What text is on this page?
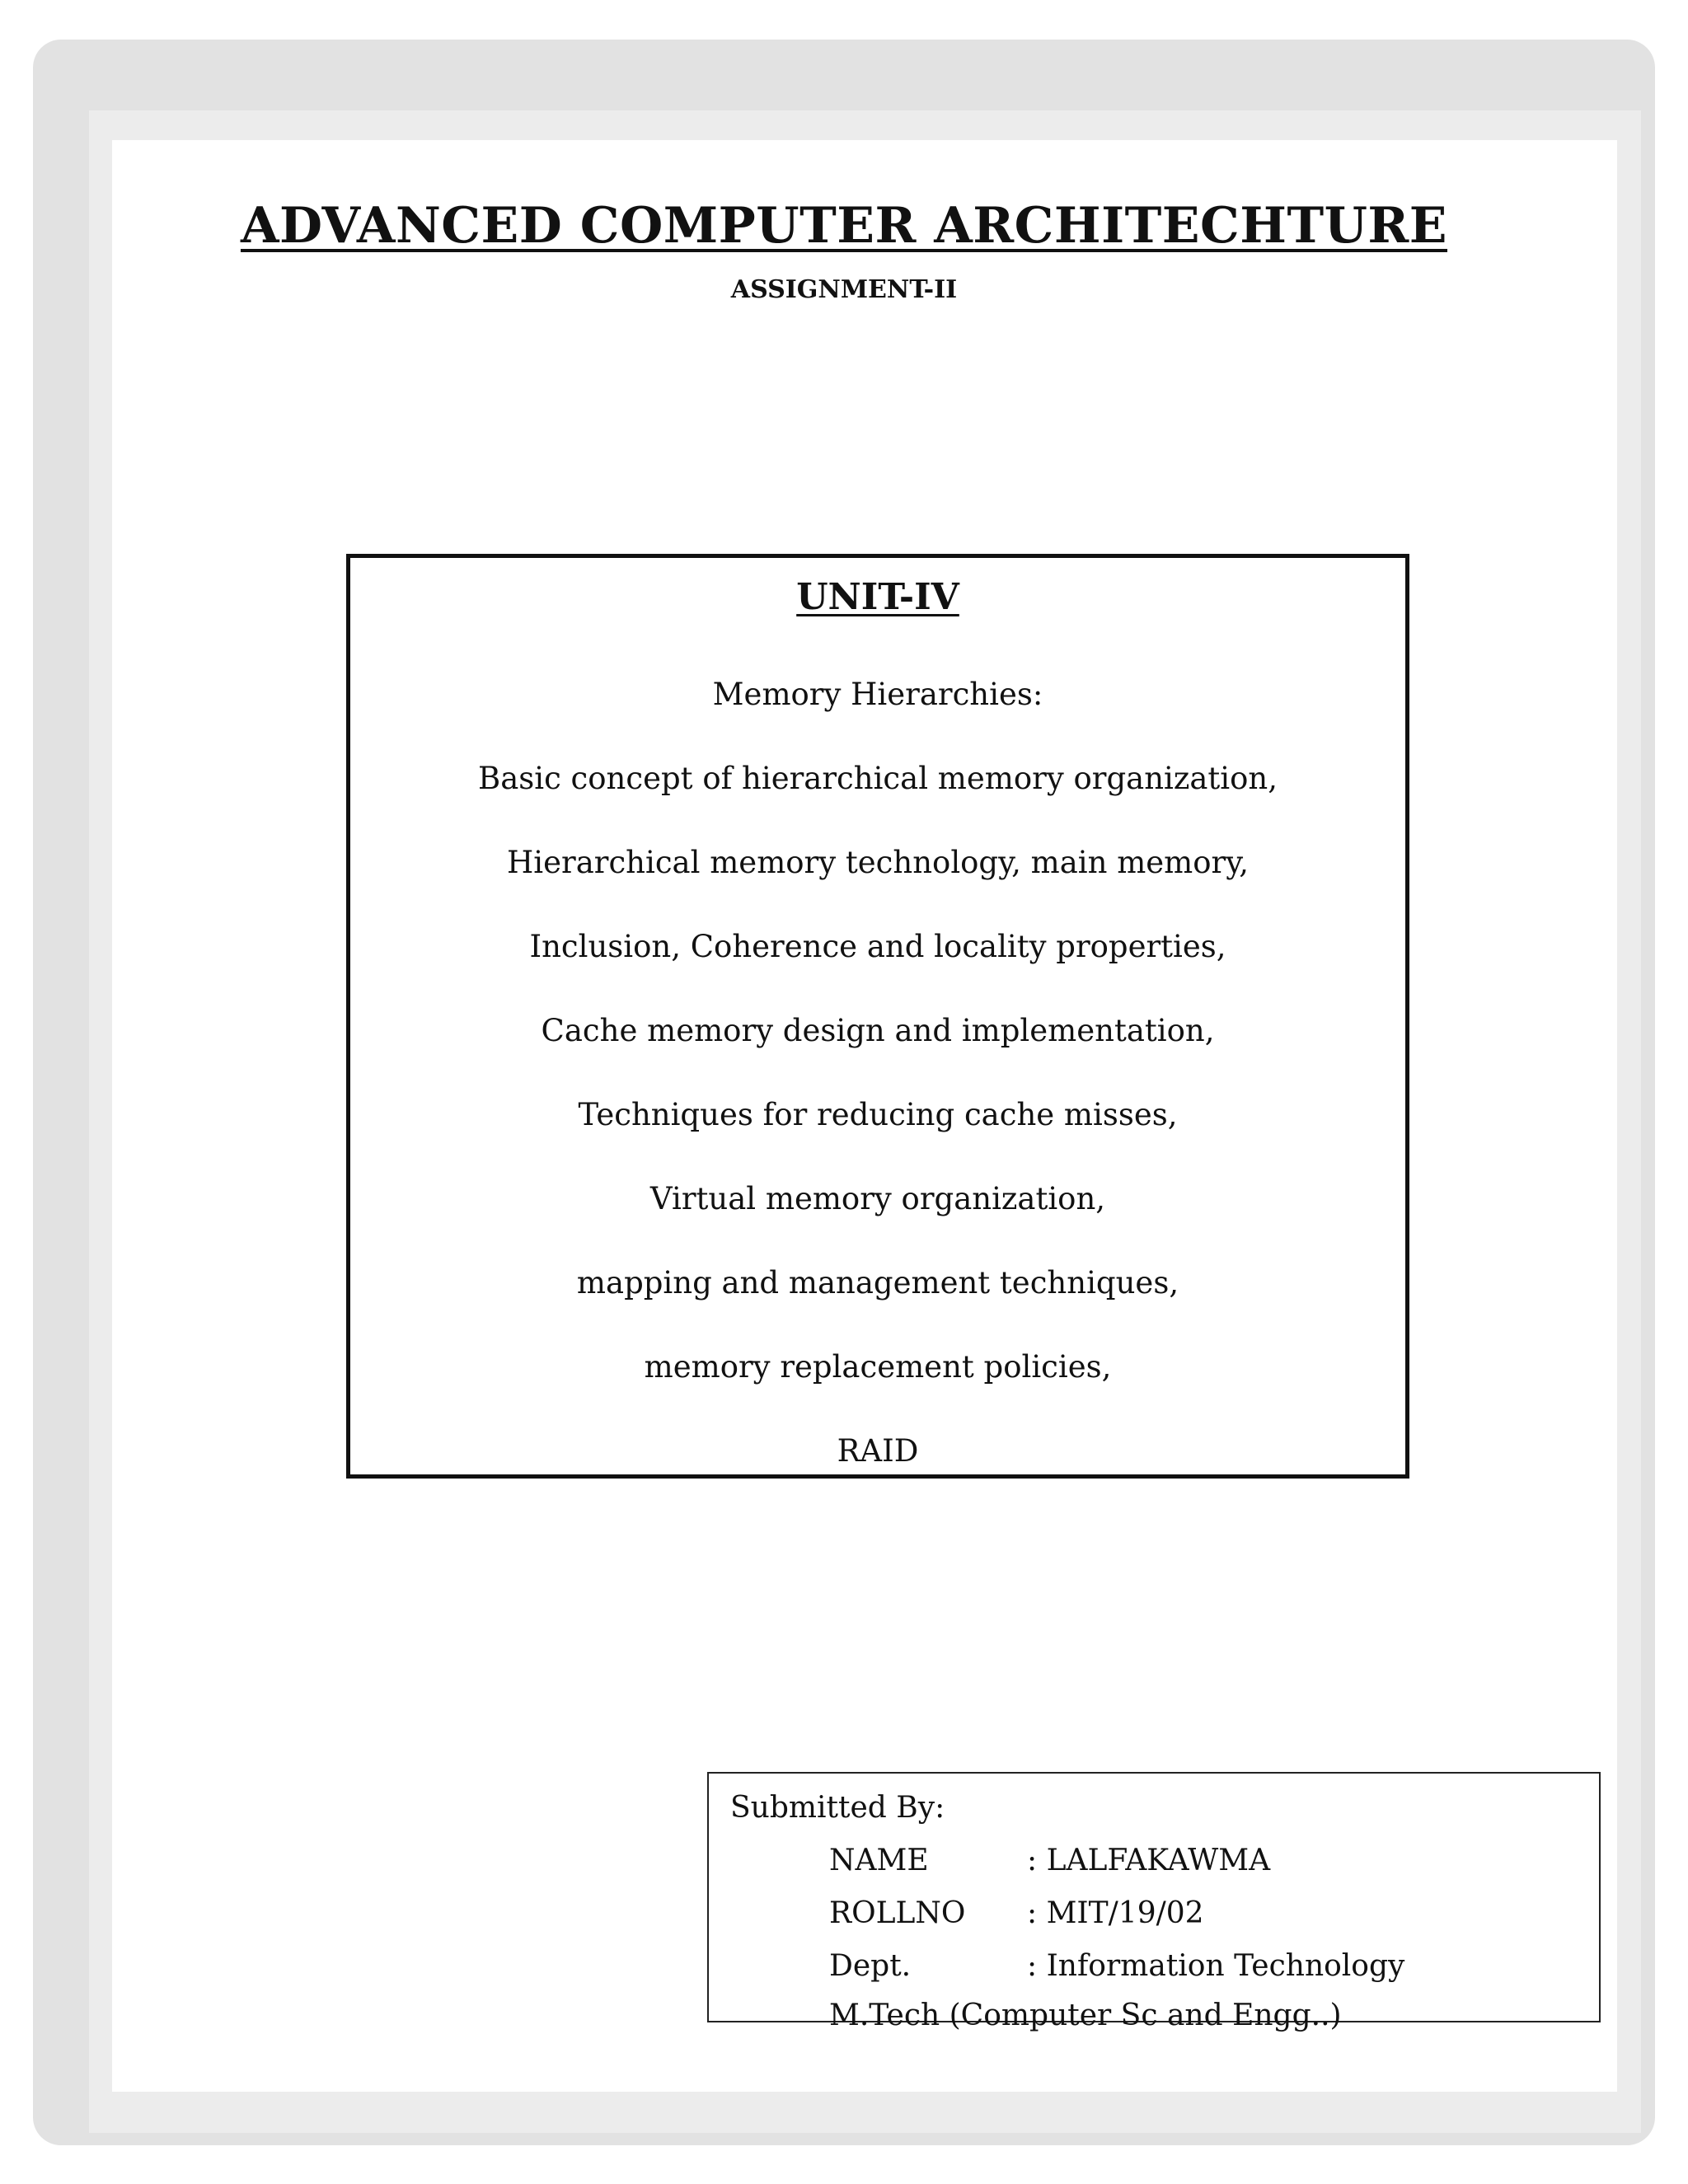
ADVANCED COMPUTER ARCHITECHTURE
ASSIGNMENT-II
UNIT-IV
Memory Hierarchies:
Basic concept of hierarchical memory organization,
Hierarchical memory technology, main memory,
Inclusion, Coherence and locality properties,
Cache memory design and implementation,
Techniques for reducing cache misses,
Virtual memory organization,
mapping and management techniques,
memory replacement policies,
RAID
Submitted By:
NAME	: LALFAKAWMA
ROLLNO : MIT/19/02
Dept.	: Information Technology
M.Tech (Computer Sc and Engg..)
